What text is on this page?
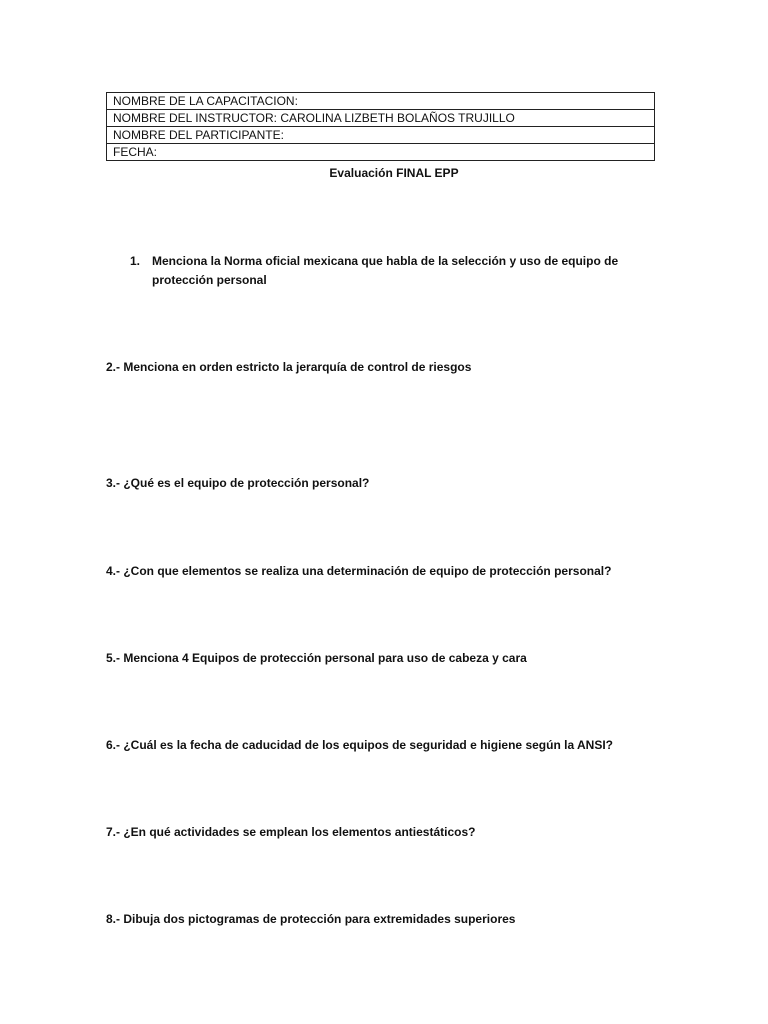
NOMBRE DE LA CAPACITACION:
NOMBRE DEL INSTRUCTOR: CAROLINA LIZBETH BOLAÑOS TRUJILLO
NOMBRE DEL PARTICIPANTE:
FECHA:
Evaluación FINAL EPP
1. Menciona la Norma oficial mexicana que habla de la selección y uso de equipo de protección personal
2.- Menciona en orden estricto la jerarquía de control de riesgos
3.- ¿Qué es el equipo de protección personal?
4.- ¿Con que elementos se realiza una determinación de equipo de protección personal?
5.- Menciona 4 Equipos de protección personal para uso de cabeza y cara
6.- ¿Cuál es la fecha de caducidad de los equipos de seguridad e higiene según la ANSI?
7.- ¿En qué actividades se emplean los elementos antiestáticos?
8.- Dibuja dos pictogramas de protección para extremidades superiores
